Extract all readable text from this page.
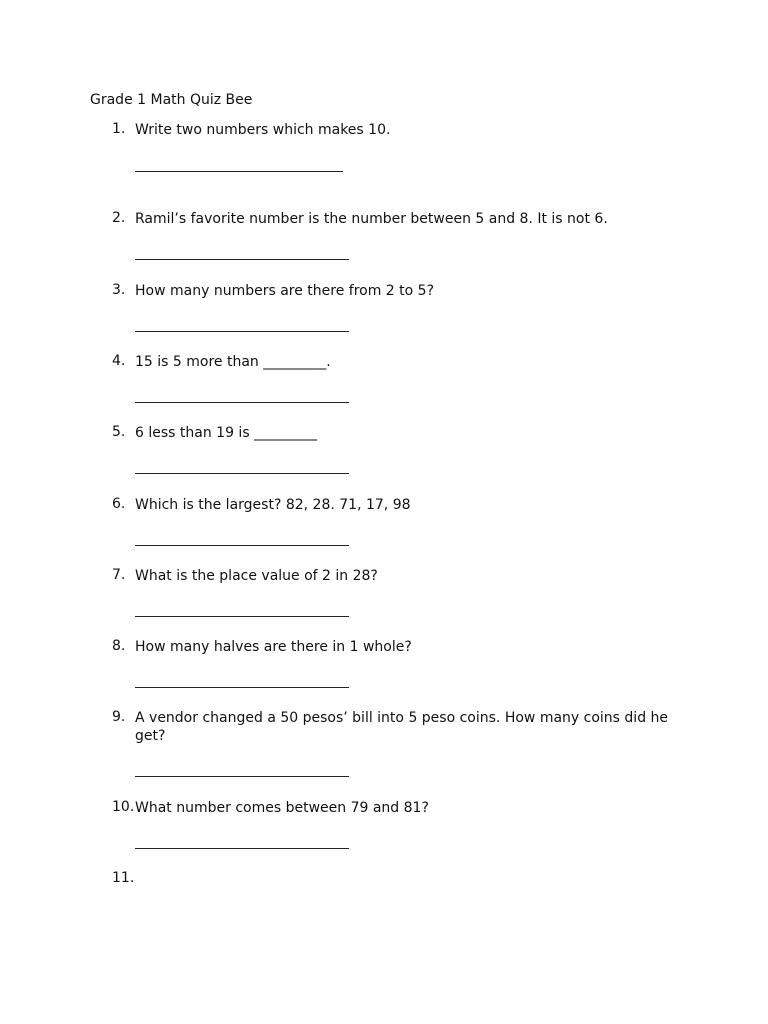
Grade 1 Math Quiz Bee
1. Write two numbers which makes 10.
2. Ramil’s favorite number is the number between 5 and 8. It is not 6.
3. How many numbers are there from 2 to 5?
4. 15 is 5 more than _________.
5. 6 less than 19 is _________
6. Which is the largest? 82, 28. 71, 17, 98
7. What is the place value of 2 in 28?
8. How many halves are there in 1 whole?
9. A vendor changed a 50 pesos’ bill into 5 peso coins. How many coins did he get?
10. What number comes between 79 and 81?
11.
